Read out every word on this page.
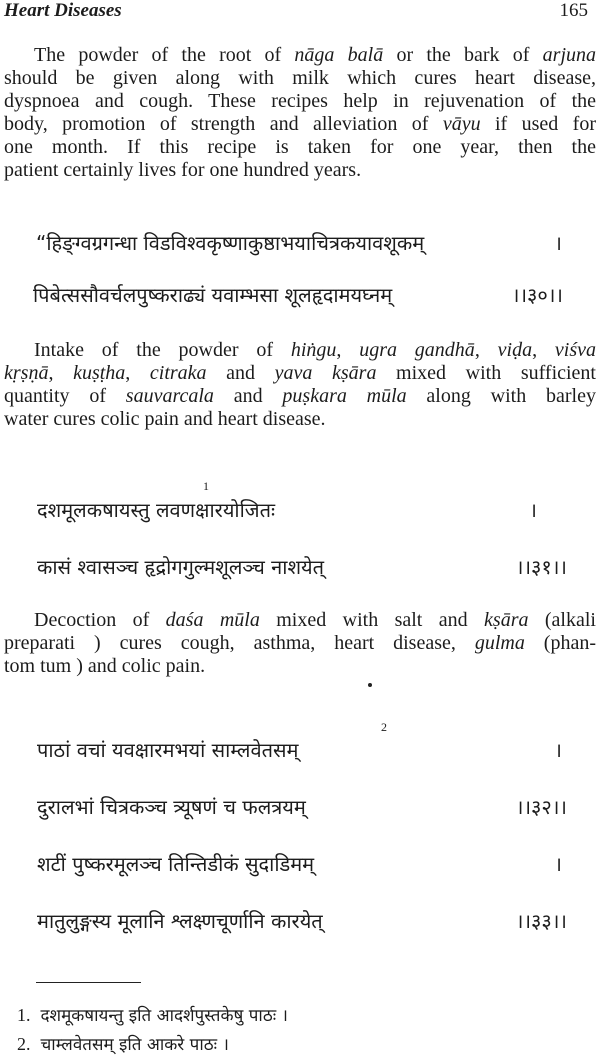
Heart Diseases	165
The powder of the root of nāga balā or the bark of arjuna
should be given along with milk which cures heart disease,
dyspnoea and cough. These recipes help in rejuvenation of the
body, promotion of strength and alleviation of vāyu if used for
one month. If this recipe is taken for one year, then the
patient certainly lives for one hundred years.
“हिङ्ग्वग्रगन्धा विडविश्वकृष्णाकुष्ठाभयाचित्रकयावशूकम्	।
पिबेत्ससौवर्चलपुष्कराढ्यं यवाम्भसा शूलहृदामयघ्नम्	।।३०।।
Intake of the powder of hiṅgu, ugra gandhā, viḍa, viśva
kṛṣṇā, kuṣṭha, citraka and yava kṣāra mixed with sufficient
quantity of sauvarcala and puṣkara mūla along with barley
water cures colic pain and heart disease.
1
दशमूलकषायस्तु लवणक्षारयोजितः	।
कासं श्वासञ्च हृद्रोगगुल्मशूलञ्च नाशयेत्	।।३१।।
Decoction of daśa mūla mixed with salt and kṣāra (alkali
preparati ) cures cough, asthma, heart disease, gulma (phan-
tom tum ) and colic pain.
2
पाठां वचां यवक्षारमभयां साम्लवेतसम्	।
दुरालभां चित्रकञ्च त्र्यूषणं च फलत्रयम्	।।३२।।
शटीं पुष्करमूलञ्च तिन्तिडीकं सुदाडिमम्	।
मातुलुङ्गस्य मूलानि श्लक्ष्णचूर्णानि कारयेत्	।।३३।।
1. दशमूकषायन्तु इति आदर्शपुस्तकेषु पाठः ।
2. चाम्लवेतसम् इति आकरे पाठः ।
